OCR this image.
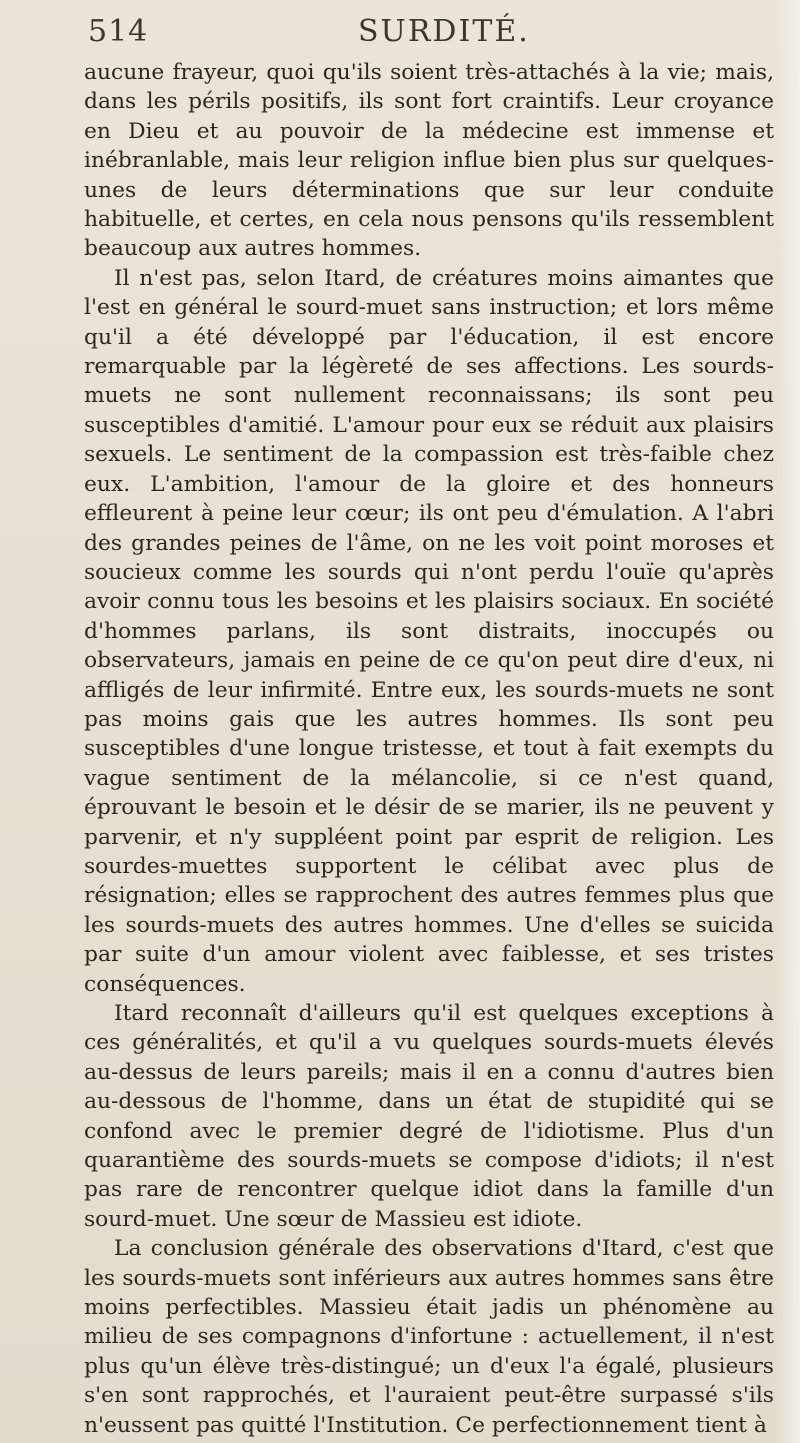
514	SURDITÉ.

aucune frayeur, quoi qu'ils soient très-attachés à la vie; mais, dans les périls positifs, ils sont fort craintifs. Leur croyance en Dieu et au pouvoir de la médecine est immense et inébranlable, mais leur religion influe bien plus sur quelques-unes de leurs déterminations que sur leur conduite habituelle, et certes, en cela nous pensons qu'ils ressemblent beaucoup aux autres hommes.

Il n'est pas, selon Itard, de créatures moins aimantes que l'est en général le sourd-muet sans instruction; et lors même qu'il a été développé par l'éducation, il est encore remarquable par la légèreté de ses affections. Les sourds-muets ne sont nullement reconnaissans; ils sont peu susceptibles d'amitié. L'amour pour eux se réduit aux plaisirs sexuels. Le sentiment de la compassion est très-faible chez eux. L'ambition, l'amour de la gloire et des honneurs effleurent à peine leur cœur; ils ont peu d'émulation. A l'abri des grandes peines de l'âme, on ne les voit point moroses et soucieux comme les sourds qui n'ont perdu l'ouïe qu'après avoir connu tous les besoins et les plaisirs sociaux. En société d'hommes parlans, ils sont distraits, inoccupés ou observateurs, jamais en peine de ce qu'on peut dire d'eux, ni affligés de leur infirmité. Entre eux, les sourds-muets ne sont pas moins gais que les autres hommes. Ils sont peu susceptibles d'une longue tristesse, et tout à fait exempts du vague sentiment de la mélancolie, si ce n'est quand, éprouvant le besoin et le désir de se marier, ils ne peuvent y parvenir, et n'y suppléent point par esprit de religion. Les sourdes-muettes supportent le célibat avec plus de résignation; elles se rapprochent des autres femmes plus que les sourds-muets des autres hommes. Une d'elles se suicida par suite d'un amour violent avec faiblesse, et ses tristes conséquences.

Itard reconnaît d'ailleurs qu'il est quelques exceptions à ces généralités, et qu'il a vu quelques sourds-muets élevés au-dessus de leurs pareils; mais il en a connu d'autres bien au-dessous de l'homme, dans un état de stupidité qui se confond avec le premier degré de l'idiotisme. Plus d'un quarantième des sourds-muets se compose d'idiots; il n'est pas rare de rencontrer quelque idiot dans la famille d'un sourd-muet. Une sœur de Massieu est idiote.

La conclusion générale des observations d'Itard, c'est que les sourds-muets sont inférieurs aux autres hommes sans être moins perfectibles. Massieu était jadis un phénomène au milieu de ses compagnons d'infortune : actuellement, il n'est plus qu'un élève très-distingué; un d'eux l'a égalé, plusieurs s'en sont rapprochés, et l'auraient peut-être surpassé s'ils n'eussent pas quitté l'Institution. Ce perfectionnement tient à
